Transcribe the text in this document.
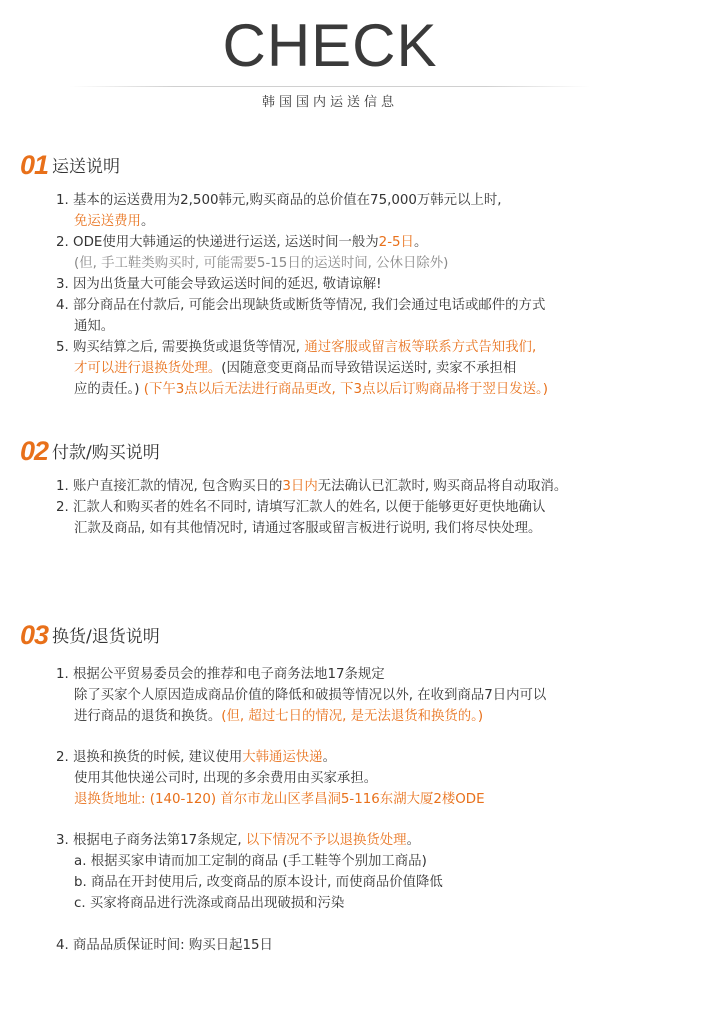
CHECK
韩国国内运送信息
01 运送说明
02 付款/购买说明
03 换货/退货说明
1. 基本的运送费用为2,500韩元,购买商品的总价值在75,000万韩元以上时,
免运送费用。
2. ODE使用大韩通运的快递进行运送, 运送时间一般为2-5日。
(但, 手工鞋类购买时, 可能需要5-15日的运送时间, 公休日除外)
3. 因为出货量大可能会导致运送时间的延迟, 敬请谅解!
4. 部分商品在付款后, 可能会出现缺货或断货等情况, 我们会通过电话或邮件的方式
通知。
5. 购买结算之后, 需要换货或退货等情况, 通过客服或留言板等联系方式告知我们,
才可以进行退换货处理。(因随意变更商品而导致错误运送时, 卖家不承担相
应的责任。) (下午3点以后无法进行商品更改, 下3点以后订购商品将于翌日发送。)
1. 账户直接汇款的情况, 包含购买日的3日内无法确认已汇款时, 购买商品将自动取消。
2. 汇款人和购买者的姓名不同时, 请填写汇款人的姓名, 以便于能够更好更快地确认
汇款及商品, 如有其他情况时, 请通过客服或留言板进行说明, 我们将尽快处理。
1. 根据公平贸易委员会的推荐和电子商务法地17条规定
除了买家个人原因造成商品价值的降低和破损等情况以外, 在收到商品7日内可以
进行商品的退货和换货。(但, 超过七日的情况, 是无法退货和换货的。)
2. 退换和换货的时候, 建议使用大韩通运快递。
使用其他快递公司时, 出现的多余费用由买家承担。
退换货地址: (140-120) 首尔市龙山区孝昌洞5-116东湖大厦2楼ODE
3. 根据电子商务法第17条规定, 以下情况不予以退换货处理。
a. 根据买家申请而加工定制的商品 (手工鞋等个别加工商品)
b. 商品在开封使用后, 改变商品的原本设计, 而使商品价值降低
c. 买家将商品进行洗涤或商品出现破损和污染
4. 商品品质保证时间: 购买日起15日
